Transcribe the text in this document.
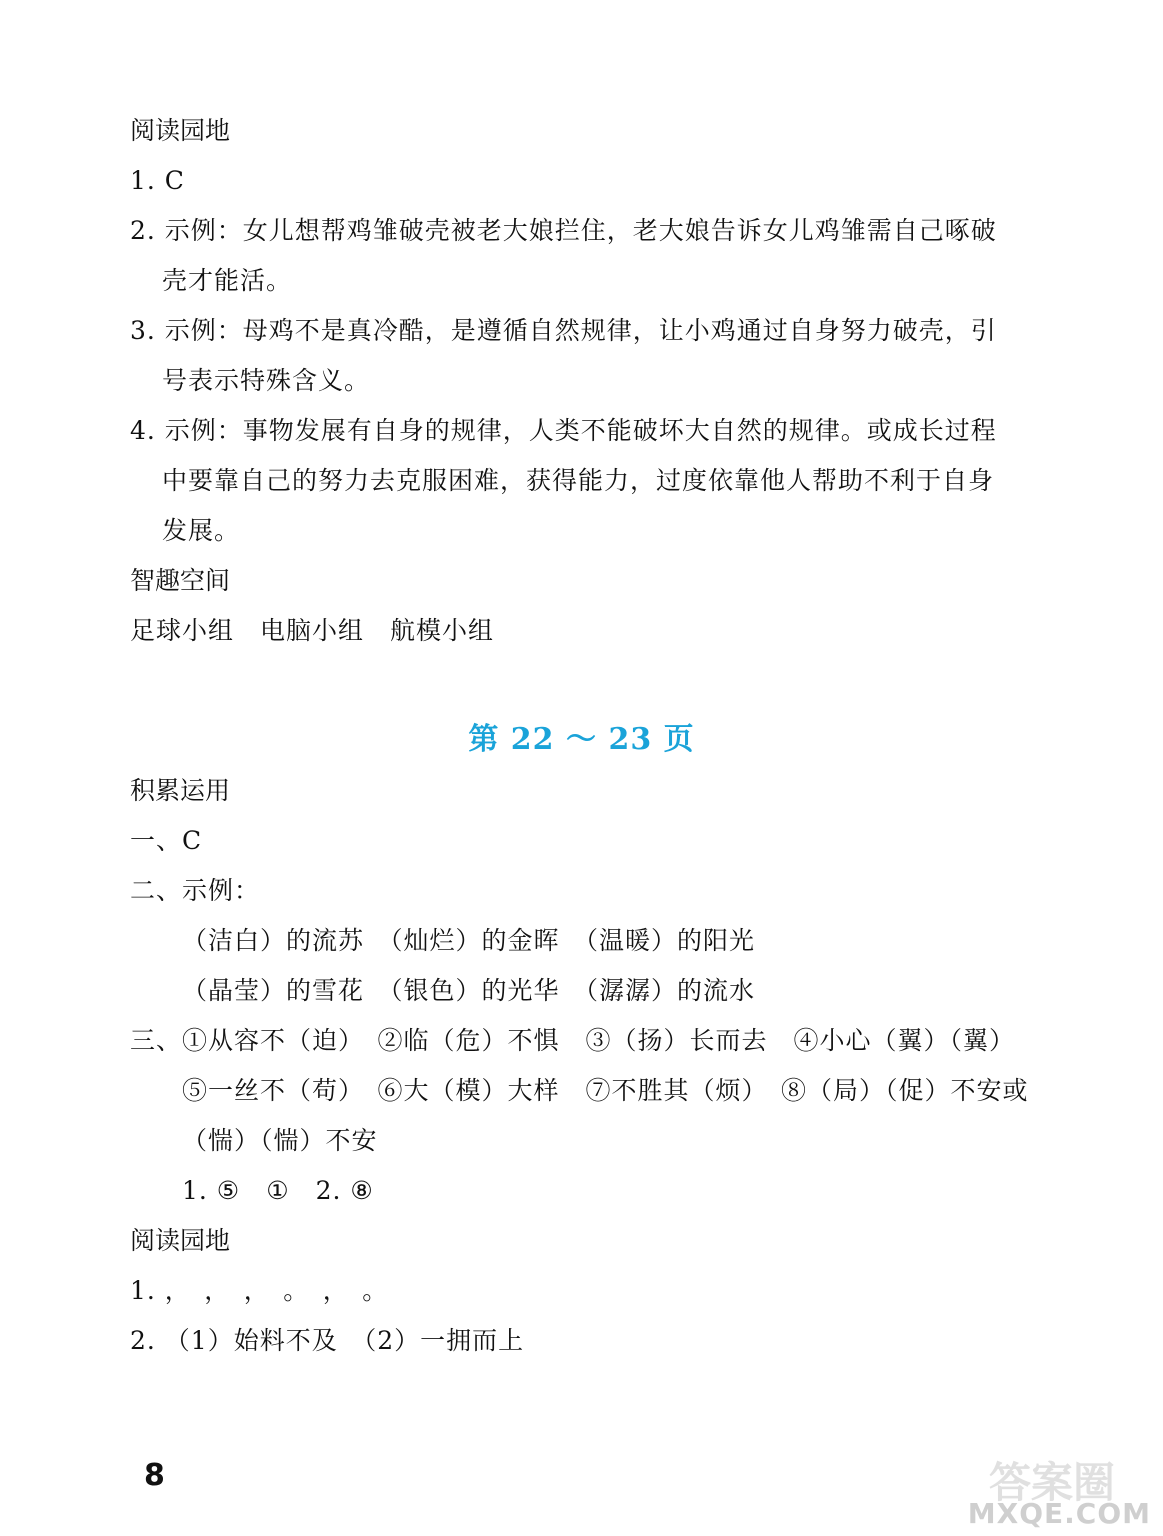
阅读园地
1. C
2. 示例：女儿想帮鸡雏破壳被老大娘拦住，老大娘告诉女儿鸡雏需自己啄破
壳才能活。
3. 示例：母鸡不是真冷酷，是遵循自然规律，让小鸡通过自身努力破壳，引
号表示特殊含义。
4. 示例：事物发展有自身的规律，人类不能破坏大自然的规律。或成长过程
中要靠自己的努力去克服困难，获得能力，过度依靠他人帮助不利于自身
发展。
智趣空间
足球小组　电脑小组　航模小组
第 22 ～ 23 页
积累运用
一、C
二、示例：
（洁白）的流苏　（灿烂）的金晖　（温暖）的阳光
（晶莹）的雪花　（银色）的光华　（潺潺）的流水
三、①从容不（迫）　②临（危）不惧　③（扬）长而去　④小心（翼）（翼）
⑤一丝不（苟）　⑥大（模）大样　⑦不胜其（烦）　⑧（局）（促）不安或
（惴）（惴）不安
1. ⑤　①　2. ⑧
阅读园地
1. ，　，　，　。　，　。
2. （1）始料不及　（2）一拥而上
8	答案圈
MXQE.COM
